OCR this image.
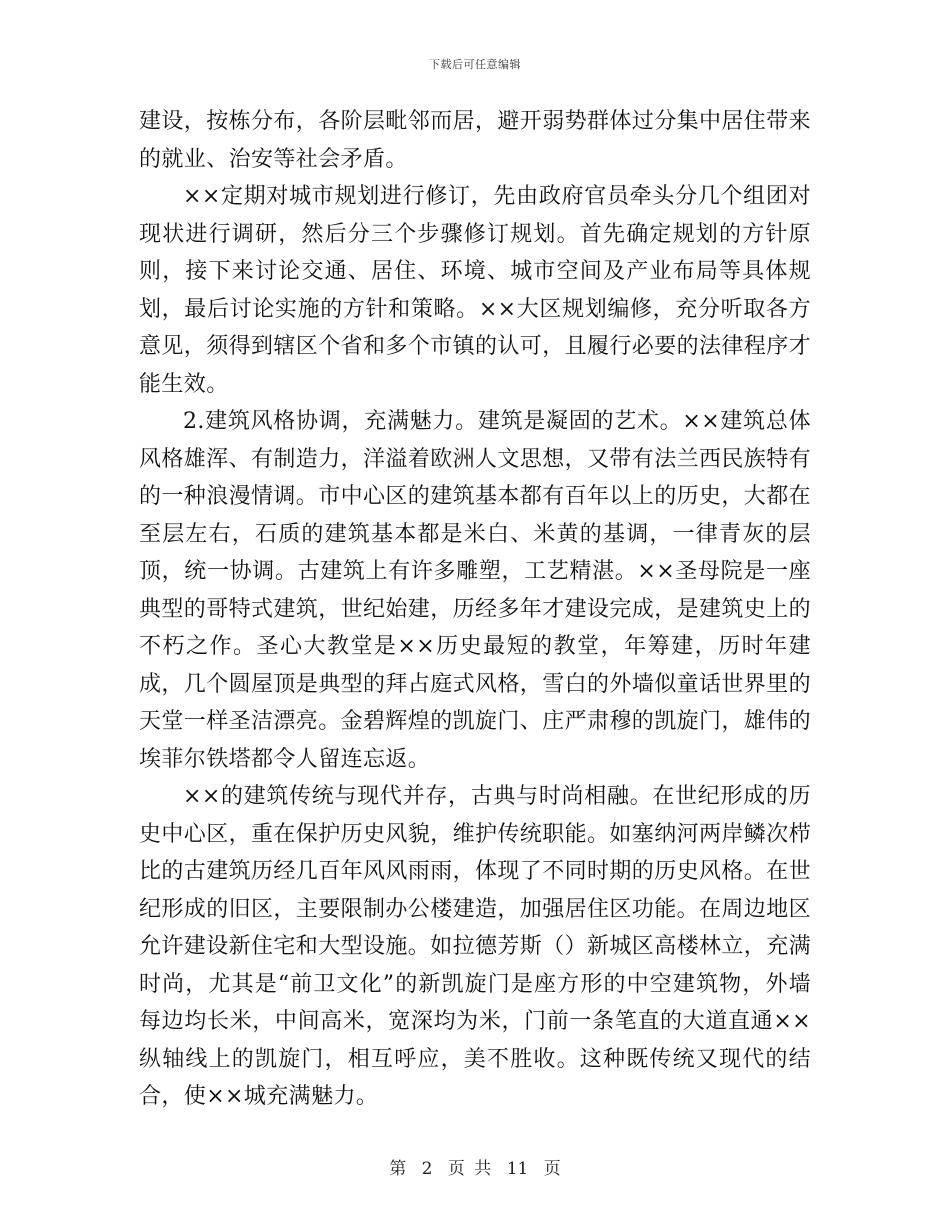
下载后可任意编辑

建设，按栋分布，各阶层毗邻而居，避开弱势群体过分集中居住带来的就业、治安等社会矛盾。

××定期对城市规划进行修订，先由政府官员牵头分几个组团对现状进行调研，然后分三个步骤修订规划。首先确定规划的方针原则，接下来讨论交通、居住、环境、城市空间及产业布局等具体规划，最后讨论实施的方针和策略。××大区规划编修，充分听取各方意见，须得到辖区个省和多个市镇的认可，且履行必要的法律程序才能生效。

2.建筑风格协调，充满魅力。建筑是凝固的艺术。××建筑总体风格雄浑、有制造力，洋溢着欧洲人文思想，又带有法兰西民族特有的一种浪漫情调。市中心区的建筑基本都有百年以上的历史，大都在至层左右，石质的建筑基本都是米白、米黄的基调，一律青灰的层顶，统一协调。古建筑上有许多雕塑，工艺精湛。××圣母院是一座典型的哥特式建筑，世纪始建，历经多年才建设完成，是建筑史上的不朽之作。圣心大教堂是××历史最短的教堂，年筹建，历时年建成，几个圆屋顶是典型的拜占庭式风格，雪白的外墙似童话世界里的天堂一样圣洁漂亮。金碧辉煌的凯旋门、庄严肃穆的凯旋门，雄伟的埃菲尔铁塔都令人留连忘返。

××的建筑传统与现代并存，古典与时尚相融。在世纪形成的历史中心区，重在保护历史风貌，维护传统职能。如塞纳河两岸鳞次栉比的古建筑历经几百年风风雨雨，体现了不同时期的历史风格。在世纪形成的旧区，主要限制办公楼建造，加强居住区功能。在周边地区允许建设新住宅和大型设施。如拉德芳斯（）新城区高楼林立，充满时尚，尤其是“前卫文化”的新凯旋门是座方形的中空建筑物，外墙每边均长米，中间高米，宽深均为米，门前一条笔直的大道直通××纵轴线上的凯旋门，相互呼应，美不胜收。这种既传统又现代的结合，使××城充满魅力。

第 2 页 共 11 页
